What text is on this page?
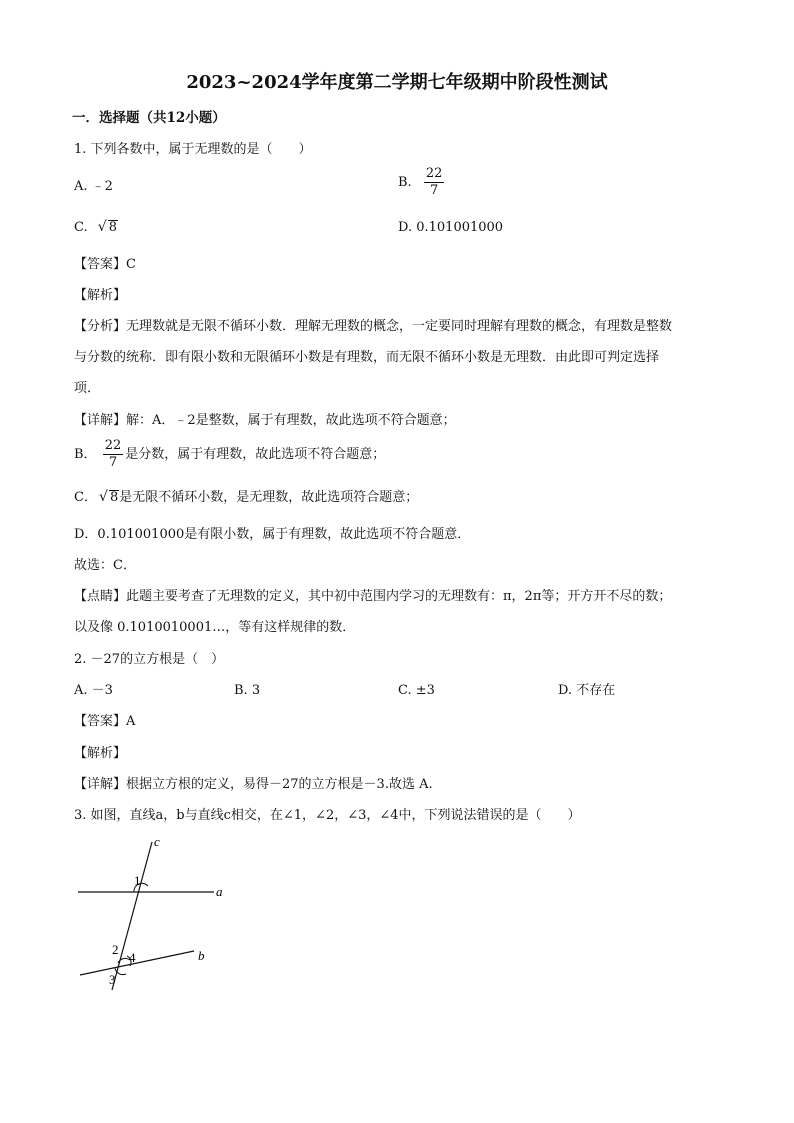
2023~2024学年度第二学期七年级期中阶段性测试
一．选择题（共12小题）
1. 下列各数中，属于无理数的是（　　）
A. ﹣2	B. $\frac{22}{7}$
C. √ 8	D. 0.101001000
【答案】C
【解析】
【分析】无理数就是无限不循环小数．理解无理数的概念，一定要同时理解有理数的概念，有理数是整数
与分数的统称．即有限小数和无限循环小数是有理数，而无限不循环小数是无理数．由此即可判定选择
项．
【详解】解：A．﹣2是整数，属于有理数，故此选项不符合题意；
B． $\frac{22}{7}$ 是分数，属于有理数，故此选项不符合题意；
C． √ 8是无限不循环小数，是无理数，故此选项符合题意；
D．0.101001000是有限小数，属于有理数，故此选项不符合题意．
故选：C．
【点睛】此题主要考查了无理数的定义，其中初中范围内学习的无理数有：π，2π等；开方开不尽的数；
以及像 0.1010010001…，等有这样规律的数．
2. －27的立方根是（　）
A. －3	B. 3	C. ±3	D. 不存在
【答案】A
【解析】
【详解】根据立方根的定义，易得－27的立方根是－3.故选 A.
3. 如图，直线a，b与直线c相交，在∠1，∠2，∠3，∠4中，下列说法错误的是（　　）
c
a
b
1
2
3
4
